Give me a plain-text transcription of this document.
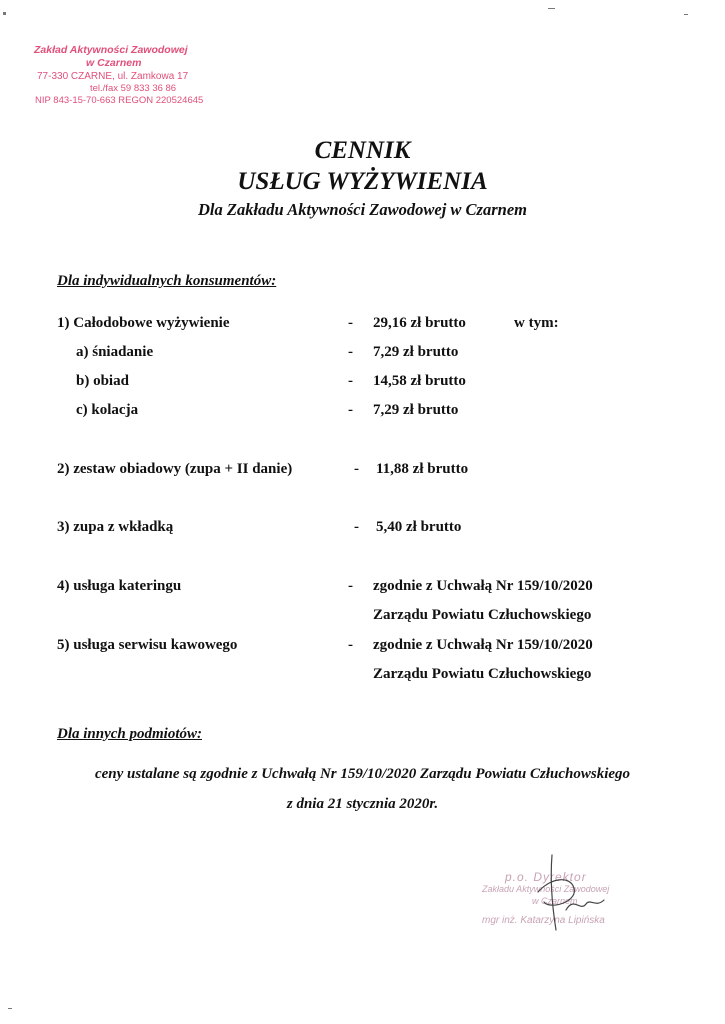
Zakład Aktywności Zawodowej
w Czarnem
77-330 CZARNE, ul. Zamkowa 17
tel./fax 59 833 36 86
NIP 843-15-70-663 REGON 220524645
CENNIK
USŁUG WYŻYWIENIA
Dla Zakładu Aktywności Zawodowej w Czarnem
Dla indywidualnych konsumentów:
1) Całodobowe wyżywienie	- 29,16 zł brutto	w tym:
a) śniadanie	- 7,29 zł brutto
b) obiad	- 14,58 zł brutto
c) kolacja	- 7,29 zł brutto
2) zestaw obiadowy (zupa + II danie)	- 11,88 zł brutto
3) zupa z wkładką	- 5,40 zł brutto
4) usługa kateringu	- zgodnie z Uchwałą Nr 159/10/2020
Zarządu Powiatu Człuchowskiego
5) usługa serwisu kawowego	- zgodnie z Uchwałą Nr 159/10/2020
Zarządu Powiatu Człuchowskiego
Dla innych podmiotów:
ceny ustalane są zgodnie z Uchwałą Nr 159/10/2020 Zarządu Powiatu Człuchowskiego
z dnia 21 stycznia 2020r.
p.o. Dyrektor
Zakładu Aktywności Zawodowej
w Czarnem
mgr inż. Katarzyna Lipińska
